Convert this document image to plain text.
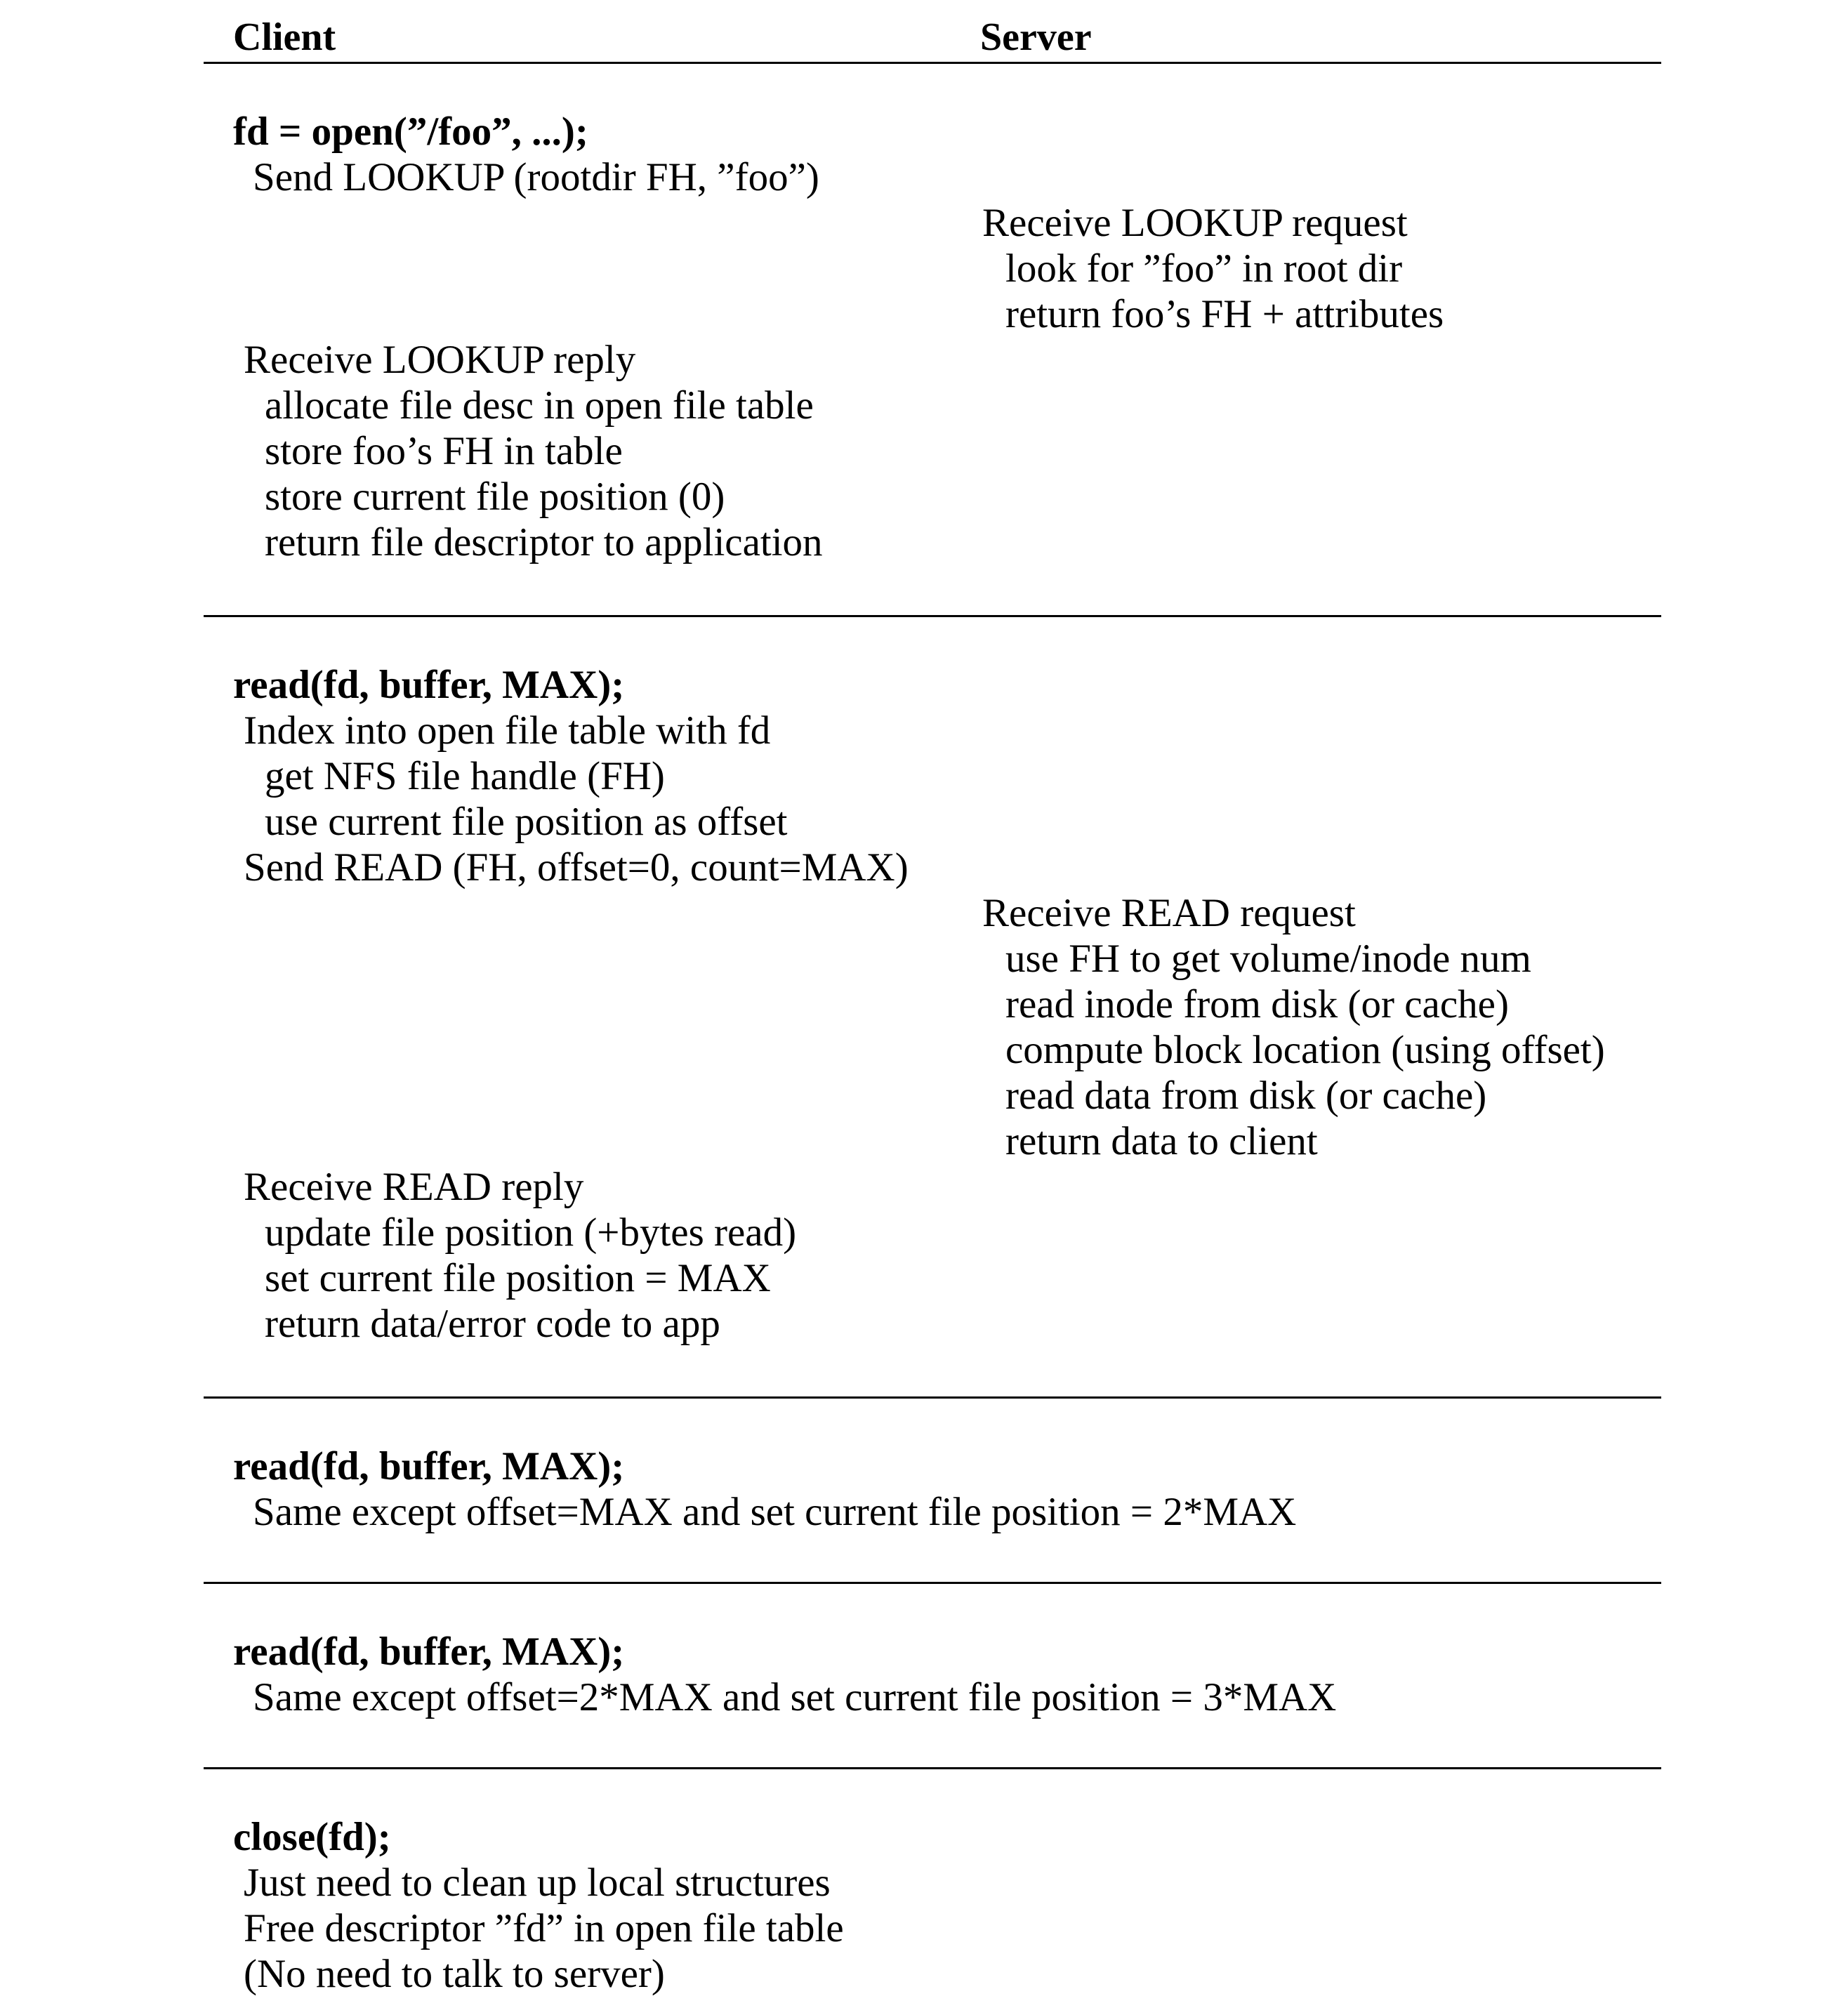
Client	Server
fd = open(”/foo”, ...);
Send LOOKUP (rootdir FH, ”foo”)
Receive LOOKUP request
look for ”foo” in root dir
return foo’s FH + attributes
Receive LOOKUP reply
allocate file desc in open file table
store foo’s FH in table
store current file position (0)
return file descriptor to application
read(fd, buffer, MAX);
Index into open file table with fd
get NFS file handle (FH)
use current file position as offset
Send READ (FH, offset=0, count=MAX)
Receive READ request
use FH to get volume/inode num
read inode from disk (or cache)
compute block location (using offset)
read data from disk (or cache)
return data to client
Receive READ reply
update file position (+bytes read)
set current file position = MAX
return data/error code to app
read(fd, buffer, MAX);
Same except offset=MAX and set current file position = 2*MAX
read(fd, buffer, MAX);
Same except offset=2*MAX and set current file position = 3*MAX
close(fd);
Just need to clean up local structures
Free descriptor ”fd” in open file table
(No need to talk to server)
